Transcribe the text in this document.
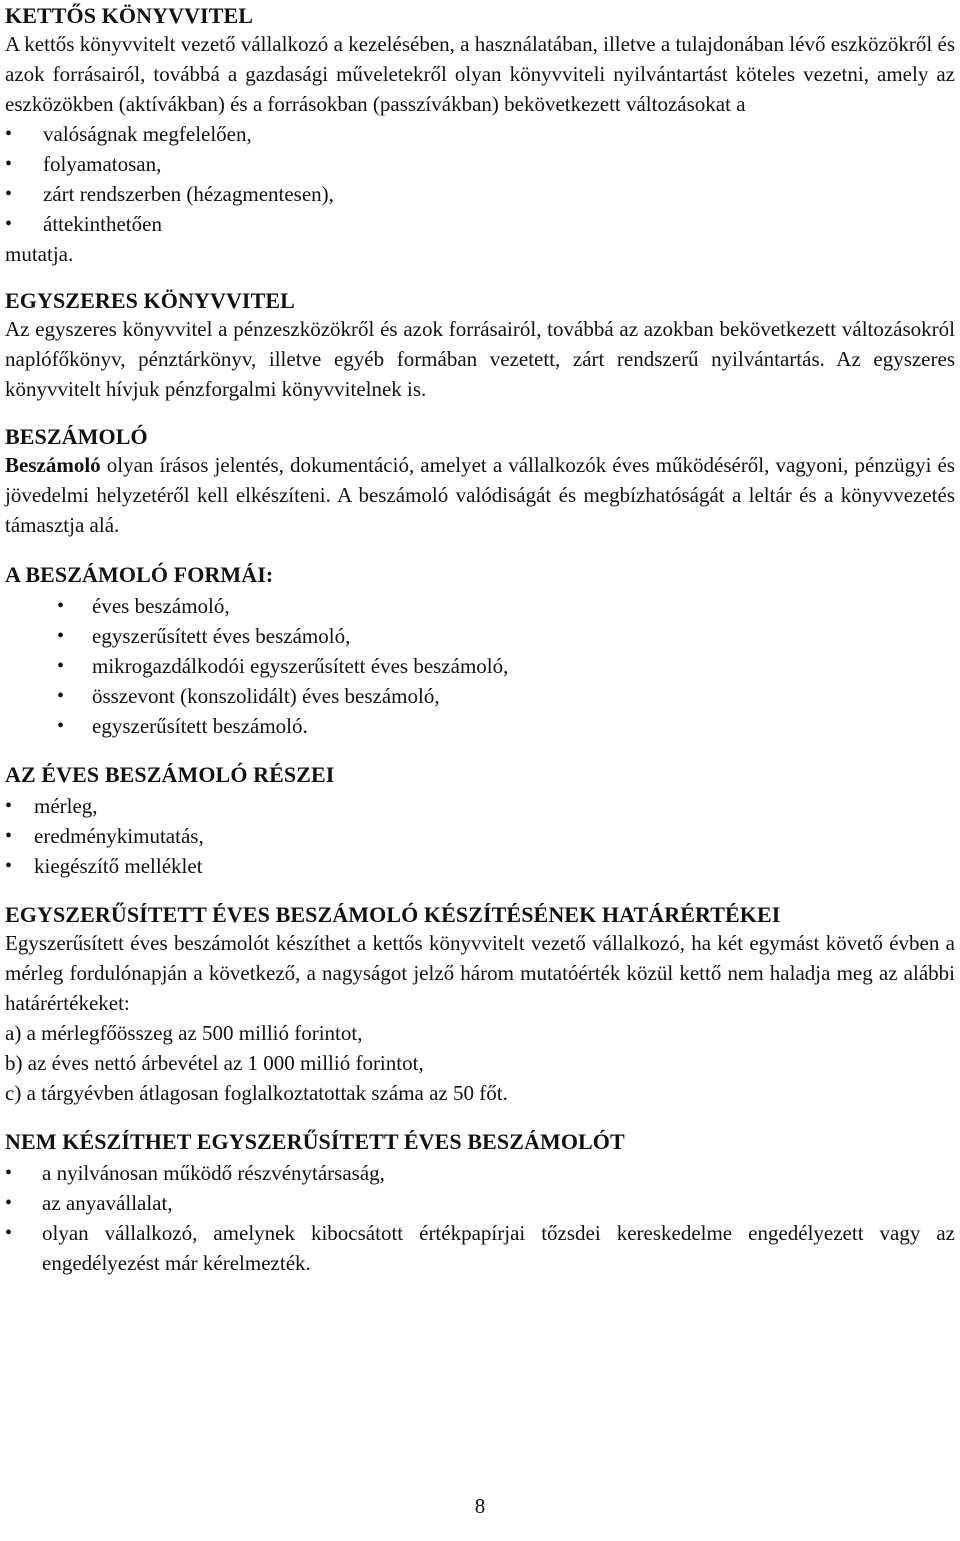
KETTŐS KÖNYVVITEL

A kettős könyvvitelt vezető vállalkozó a kezelésében, a használatában, illetve a tulajdonában lévő eszközökről és azok forrásairól, továbbá a gazdasági műveletekről olyan könyvviteli nyilvántartást köteles vezetni, amely az eszközökben (aktívákban) és a forrásokban (passzívákban) bekövetkezett változásokat a

• valóságnak megfelelően,
• folyamatosan,
• zárt rendszerben (hézagmentesen),
• áttekinthetően

mutatja.

EGYSZERES KÖNYVVITEL

Az egyszeres könyvvitel a pénzeszközökről és azok forrásairól, továbbá az azokban bekövetkezett változásokról naplófőkönyv, pénztárkönyv, illetve egyéb formában vezetett, zárt rendszerű nyilvántartás. Az egyszeres könyvvitelt hívjuk pénzforgalmi könyvvitelnek is.

BESZÁMOLÓ

Beszámoló olyan írásos jelentés, dokumentáció, amelyet a vállalkozók éves működéséről, vagyoni, pénzügyi és jövedelmi helyzetéről kell elkészíteni. A beszámoló valódiságát és megbízhatóságát a leltár és a könyvvezetés támasztja alá.

A BESZÁMOLÓ FORMÁI:
• éves beszámoló,
• egyszerűsített éves beszámoló,
• mikrogazdálkodói egyszerűsített éves beszámoló,
• összevont (konszolidált) éves beszámoló,
• egyszerűsített beszámoló.
AZ ÉVES BESZÁMOLÓ RÉSZEI
• mérleg,
• eredménykimutatás,
• kiegészítő melléklet
EGYSZERŰSÍTETT ÉVES BESZÁMOLÓ KÉSZÍTÉSÉNEK HATÁRÉRTÉKEI

Egyszerűsített éves beszámolót készíthet a kettős könyvvitelt vezető vállalkozó, ha két egymást követő évben a mérleg fordulónapján a következő, a nagyságot jelző három mutatóérték közül kettő nem haladja meg az alábbi határértékeket:

a) a mérlegfőösszeg az 500 millió forintot,

b) az éves nettó árbevétel az 1 000 millió forintot,

c) a tárgyévben átlagosan foglalkoztatottak száma az 50 főt.

NEM KÉSZÍTHET EGYSZERŰSÍTETT ÉVES BESZÁMOLÓT
• a nyilvánosan működő részvénytársaság,
• az anyavállalat,
• olyan vállalkozó, amelynek kibocsátott értékpapírjai tőzsdei kereskedelme engedélyezett vagy az engedélyezést már kérelmezték.
8
